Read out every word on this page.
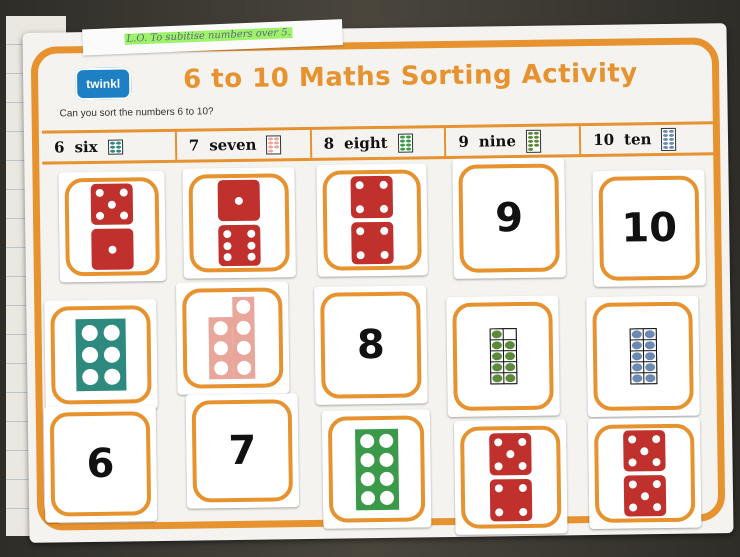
L.O. To subitise numbers over 5.
twinkl	6 to 10 Maths Sorting Activity
Can you sort the numbers 6 to 10?
6 six	7 seven	8 eight	9 nine	10 ten
6	7
8
9 10
